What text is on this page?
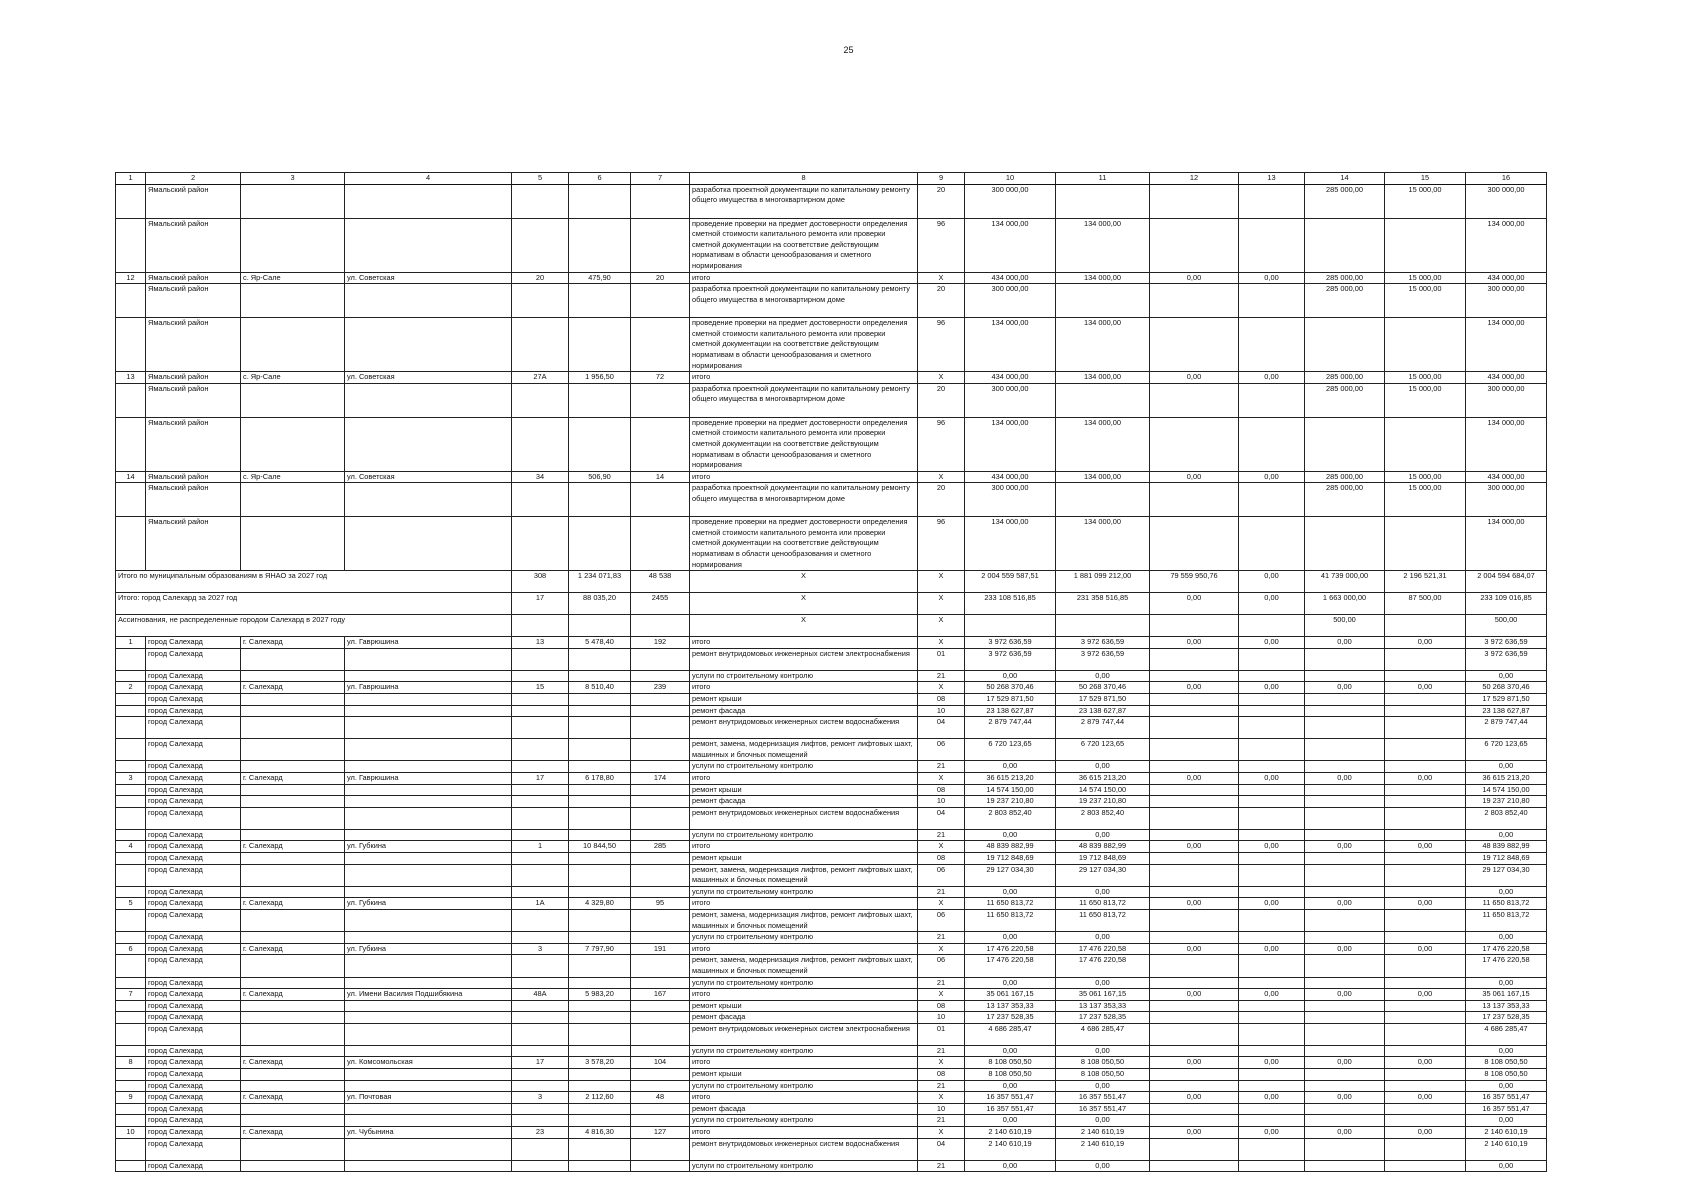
25
1	2	3	4	5	6	7	8	9	10	11	12	13	14	15	16
	Ямальский район						разработка проектной документации по капитальному ремонту общего имущества в многоквартирном доме	20	300 000,00				285 000,00	15 000,00	300 000,00
	Ямальский район						проведение проверки на предмет достоверности определения сметной стоимости капитального ремонта или проверки сметной документации на соответствие действующим нормативам в области ценообразования и сметного нормирования	96	134 000,00	134 000,00					134 000,00
12	Ямальский район	с. Яр-Сале	ул. Советская	20	475,90	20	итого	X	434 000,00	134 000,00	0,00	0,00	285 000,00	15 000,00	434 000,00
	Ямальский район						разработка проектной документации по капитальному ремонту общего имущества в многоквартирном доме	20	300 000,00				285 000,00	15 000,00	300 000,00
	Ямальский район						проведение проверки на предмет достоверности определения сметной стоимости капитального ремонта или проверки сметной документации на соответствие действующим нормативам в области ценообразования и сметного нормирования	96	134 000,00	134 000,00					134 000,00
13	Ямальский район	с. Яр-Сале	ул. Советская	27А	1 956,50	72	итого	X	434 000,00	134 000,00	0,00	0,00	285 000,00	15 000,00	434 000,00
	Ямальский район						разработка проектной документации по капитальному ремонту общего имущества в многоквартирном доме	20	300 000,00				285 000,00	15 000,00	300 000,00
	Ямальский район						проведение проверки на предмет достоверности определения сметной стоимости капитального ремонта или проверки сметной документации на соответствие действующим нормативам в области ценообразования и сметного нормирования	96	134 000,00	134 000,00					134 000,00
14	Ямальский район	с. Яр-Сале	ул. Советская	34	506,90	14	итого	X	434 000,00	134 000,00	0,00	0,00	285 000,00	15 000,00	434 000,00
	Ямальский район						разработка проектной документации по капитальному ремонту общего имущества в многоквартирном доме	20	300 000,00				285 000,00	15 000,00	300 000,00
	Ямальский район						проведение проверки на предмет достоверности определения сметной стоимости капитального ремонта или проверки сметной документации на соответствие действующим нормативам в области ценообразования и сметного нормирования	96	134 000,00	134 000,00					134 000,00
Итого по муниципальным образованиям в ЯНАО за 2027 год				308	1 234 071,83	48 538	X	X	2 004 559 587,51	1 881 099 212,00	79 559 950,76	0,00	41 739 000,00	2 196 521,31	2 004 594 684,07
Итого: город Салехард за 2027 год				17	88 035,20	2455	X	X	233 108 516,85	231 358 516,85	0,00	0,00	1 663 000,00	87 500,00	233 109 016,85
Ассигнования, не распределенные городом Салехард в 2027 году							X	X					500,00		500,00
1	город Салехард	г. Салехард	ул. Гаврюшина	13	5 478,40	192	итого	X	3 972 636,59	3 972 636,59	0,00	0,00	0,00	0,00	3 972 636,59
	город Салехард						ремонт внутридомовых инженерных систем электроснабжения	01	3 972 636,59	3 972 636,59					3 972 636,59
	город Салехард						услуги по строительному контролю	21	0,00	0,00					0,00
2	город Салехард	г. Салехард	ул. Гаврюшина	15	8 510,40	239	итого	X	50 268 370,46	50 268 370,46	0,00	0,00	0,00	0,00	50 268 370,46
	город Салехард						ремонт крыши	08	17 529 871,50	17 529 871,50					17 529 871,50
	город Салехард						ремонт фасада	10	23 138 627,87	23 138 627,87					23 138 627,87
	город Салехард						ремонт внутридомовых инженерных систем водоснабжения	04	2 879 747,44	2 879 747,44					2 879 747,44
	город Салехард						ремонт, замена, модернизация лифтов, ремонт лифтовых шахт, машинных и блочных помещений	06	6 720 123,65	6 720 123,65					6 720 123,65
	город Салехард						услуги по строительному контролю	21	0,00	0,00					0,00
3	город Салехард	г. Салехард	ул. Гаврюшина	17	6 178,80	174	итого	X	36 615 213,20	36 615 213,20	0,00	0,00	0,00	0,00	36 615 213,20
	город Салехард						ремонт крыши	08	14 574 150,00	14 574 150,00					14 574 150,00
	город Салехард						ремонт фасада	10	19 237 210,80	19 237 210,80					19 237 210,80
	город Салехард						ремонт внутридомовых инженерных систем водоснабжения	04	2 803 852,40	2 803 852,40					2 803 852,40
	город Салехард						услуги по строительному контролю	21	0,00	0,00					0,00
4	город Салехард	г. Салехард	ул. Губкина	1	10 844,50	285	итого	X	48 839 882,99	48 839 882,99	0,00	0,00	0,00	0,00	48 839 882,99
	город Салехард						ремонт крыши	08	19 712 848,69	19 712 848,69					19 712 848,69
	город Салехард						ремонт, замена, модернизация лифтов, ремонт лифтовых шахт, машинных и блочных помещений	06	29 127 034,30	29 127 034,30					29 127 034,30
	город Салехард						услуги по строительному контролю	21	0,00	0,00					0,00
5	город Салехард	г. Салехард	ул. Губкина	1А	4 329,80	95	итого	X	11 650 813,72	11 650 813,72	0,00	0,00	0,00	0,00	11 650 813,72
	город Салехард						ремонт, замена, модернизация лифтов, ремонт лифтовых шахт, машинных и блочных помещений	06	11 650 813,72	11 650 813,72					11 650 813,72
	город Салехард						услуги по строительному контролю	21	0,00	0,00					0,00
6	город Салехард	г. Салехард	ул. Губкина	3	7 797,90	191	итого	X	17 476 220,58	17 476 220,58	0,00	0,00	0,00	0,00	17 476 220,58
	город Салехард						ремонт, замена, модернизация лифтов, ремонт лифтовых шахт, машинных и блочных помещений	06	17 476 220,58	17 476 220,58					17 476 220,58
	город Салехард						услуги по строительному контролю	21	0,00	0,00					0,00
7	город Салехард	г. Салехард	ул. Имени Василия Подшибякина	48А	5 983,20	167	итого	X	35 061 167,15	35 061 167,15	0,00	0,00	0,00	0,00	35 061 167,15
	город Салехард						ремонт крыши	08	13 137 353,33	13 137 353,33					13 137 353,33
	город Салехард						ремонт фасада	10	17 237 528,35	17 237 528,35					17 237 528,35
	город Салехард						ремонт внутридомовых инженерных систем электроснабжения	01	4 686 285,47	4 686 285,47					4 686 285,47
	город Салехард						услуги по строительному контролю	21	0,00	0,00					0,00
8	город Салехард	г. Салехард	ул. Комсомольская	17	3 578,20	104	итого	X	8 108 050,50	8 108 050,50	0,00	0,00	0,00	0,00	8 108 050,50
	город Салехард						ремонт крыши	08	8 108 050,50	8 108 050,50					8 108 050,50
	город Салехард						услуги по строительному контролю	21	0,00	0,00					0,00
9	город Салехард	г. Салехард	ул. Почтовая	3	2 112,60	48	итого	X	16 357 551,47	16 357 551,47	0,00	0,00	0,00	0,00	16 357 551,47
	город Салехард						ремонт фасада	10	16 357 551,47	16 357 551,47					16 357 551,47
	город Салехард						услуги по строительному контролю	21	0,00	0,00					0,00
10	город Салехард	г. Салехард	ул. Чубынина	23	4 816,30	127	итого	X	2 140 610,19	2 140 610,19	0,00	0,00	0,00	0,00	2 140 610,19
	город Салехард						ремонт внутридомовых инженерных систем водоснабжения	04	2 140 610,19	2 140 610,19					2 140 610,19
	город Салехард						услуги по строительному контролю	21	0,00	0,00					0,00
